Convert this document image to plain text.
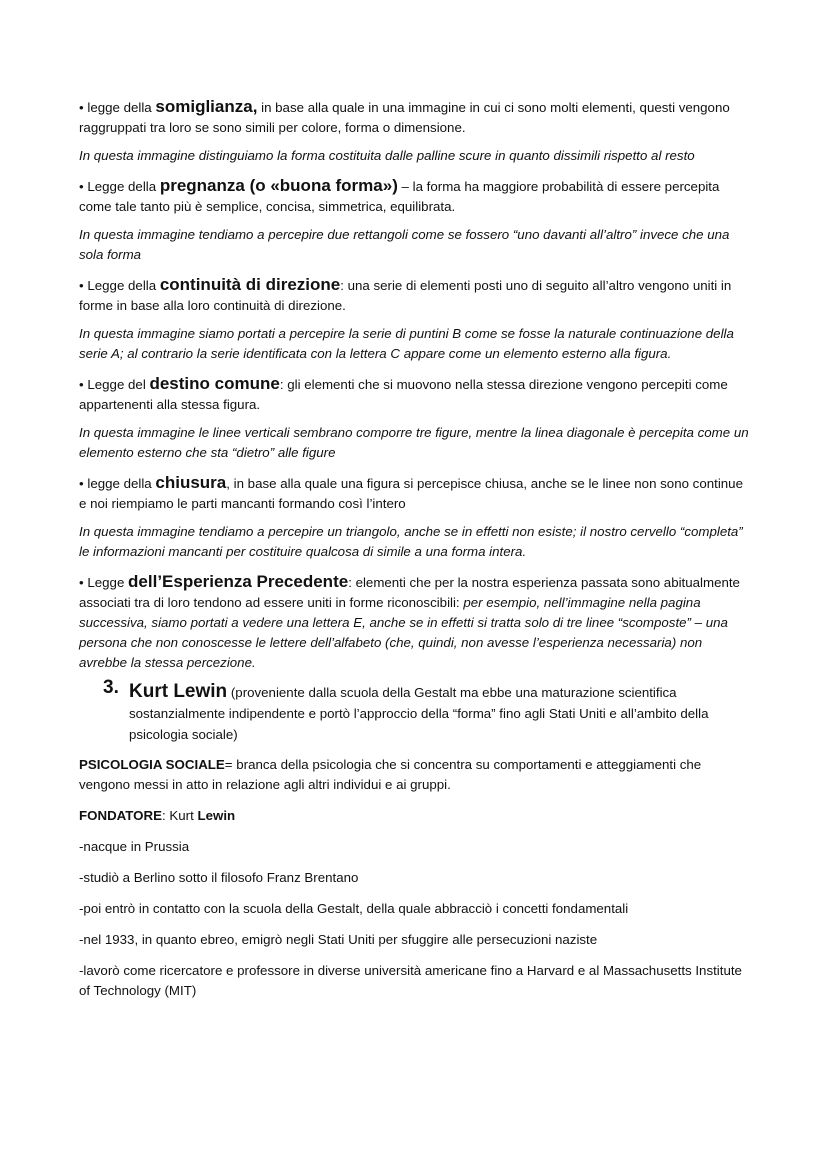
• legge della somiglianza, in base alla quale in una immagine in cui ci sono molti elementi, questi vengono raggruppati tra loro se sono simili per colore, forma o dimensione.

In questa immagine distinguiamo la forma costituita dalle palline scure in quanto dissimili rispetto al resto

• Legge della pregnanza (o «buona forma») – la forma ha maggiore probabilità di essere percepita come tale tanto più è semplice, concisa, simmetrica, equilibrata.

In questa immagine tendiamo a percepire due rettangoli come se fossero “uno davanti all’altro” invece che una sola forma

• Legge della continuità di direzione: una serie di elementi posti uno di seguito all’altro vengono uniti in forme in base alla loro continuità di direzione.

In questa immagine siamo portati a percepire la serie di puntini B come se fosse la naturale continuazione della serie A; al contrario la serie identificata con la lettera C appare come un elemento esterno alla figura.

• Legge del destino comune: gli elementi che si muovono nella stessa direzione vengono percepiti come appartenenti alla stessa figura.

In questa immagine le linee verticali sembrano comporre tre figure, mentre la linea diagonale è percepita come un elemento esterno che sta “dietro” alle figure

• legge della chiusura, in base alla quale una figura si percepisce chiusa, anche se le linee non sono continue e noi riempiamo le parti mancanti formando così l’intero

In questa immagine tendiamo a percepire un triangolo, anche se in effetti non esiste; il nostro cervello “completa” le informazioni mancanti per costituire qualcosa di simile a una forma intera.

• Legge dell’Esperienza Precedente: elementi che per la nostra esperienza passata sono abitualmente associati tra di loro tendono ad essere uniti in forme riconoscibili: per esempio, nell’immagine nella pagina successiva, siamo portati a vedere una lettera E, anche se in effetti si tratta solo di tre linee “scomposte” – una persona che non conoscesse le lettere dell’alfabeto (che, quindi, non avesse l’esperienza necessaria) non avrebbe la stessa percezione.

3. Kurt Lewin (proveniente dalla scuola della Gestalt ma ebbe una maturazione scientifica sostanzialmente indipendente e portò l’approccio della “forma” fino agli Stati Uniti e all’ambito della psicologia sociale)

PSICOLOGIA SOCIALE= branca della psicologia che si concentra su comportamenti e atteggiamenti che vengono messi in atto in relazione agli altri individui e ai gruppi.

FONDATORE: Kurt Lewin

-nacque in Prussia

-studiò a Berlino sotto il filosofo Franz Brentano

-poi entrò in contatto con la scuola della Gestalt, della quale abbracciò i concetti fondamentali

-nel 1933, in quanto ebreo, emigrò negli Stati Uniti per sfuggire alle persecuzioni naziste

-lavorò come ricercatore e professore in diverse università americane fino a Harvard e al Massachusetts Institute of Technology (MIT)
